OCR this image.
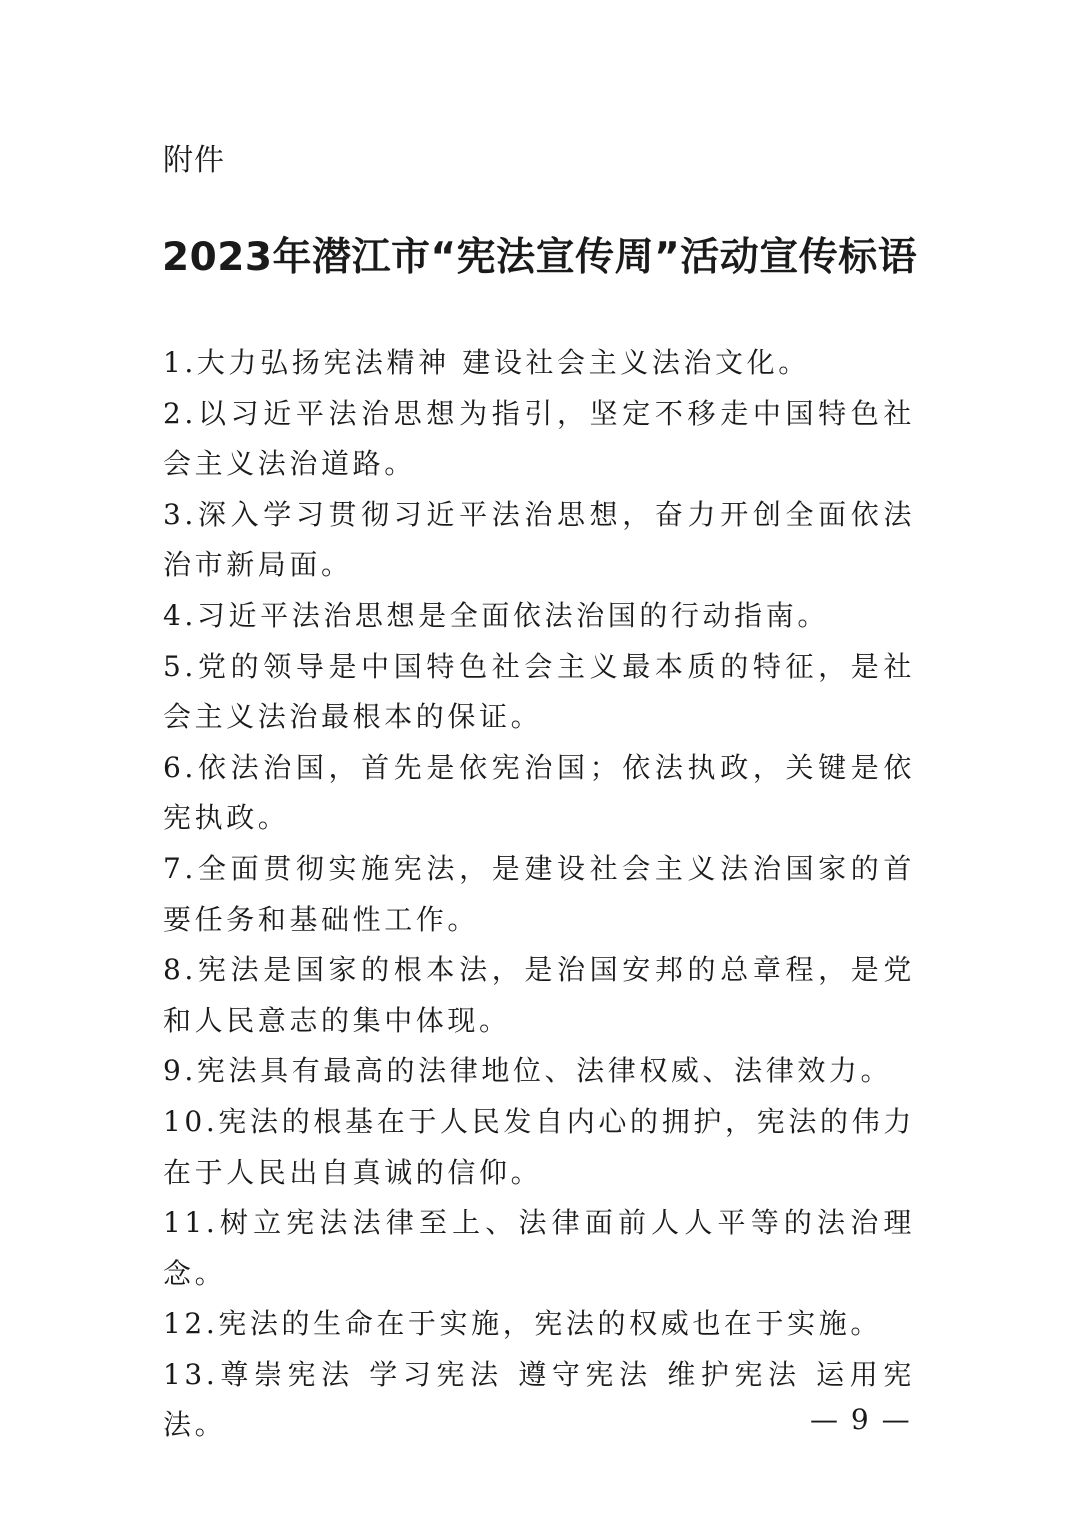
附件
2023年潜江市“宪法宣传周”活动宣传标语
1.大力弘扬宪法精神 建设社会主义法治文化。
2.以习近平法治思想为指引，坚定不移走中国特色社会主义法治道路。
3.深入学习贯彻习近平法治思想，奋力开创全面依法治市新局面。
4.习近平法治思想是全面依法治国的行动指南。
5.党的领导是中国特色社会主义最本质的特征，是社会主义法治最根本的保证。
6.依法治国，首先是依宪治国；依法执政，关键是依宪执政。
7.全面贯彻实施宪法，是建设社会主义法治国家的首要任务和基础性工作。
8.宪法是国家的根本法，是治国安邦的总章程，是党和人民意志的集中体现。
9.宪法具有最高的法律地位、法律权威、法律效力。
10.宪法的根基在于人民发自内心的拥护，宪法的伟力在于人民出自真诚的信仰。
11.树立宪法法律至上、法律面前人人平等的法治理念。
12.宪法的生命在于实施，宪法的权威也在于实施。
13.尊崇宪法 学习宪法 遵守宪法 维护宪法 运用宪法。	— 9 —
